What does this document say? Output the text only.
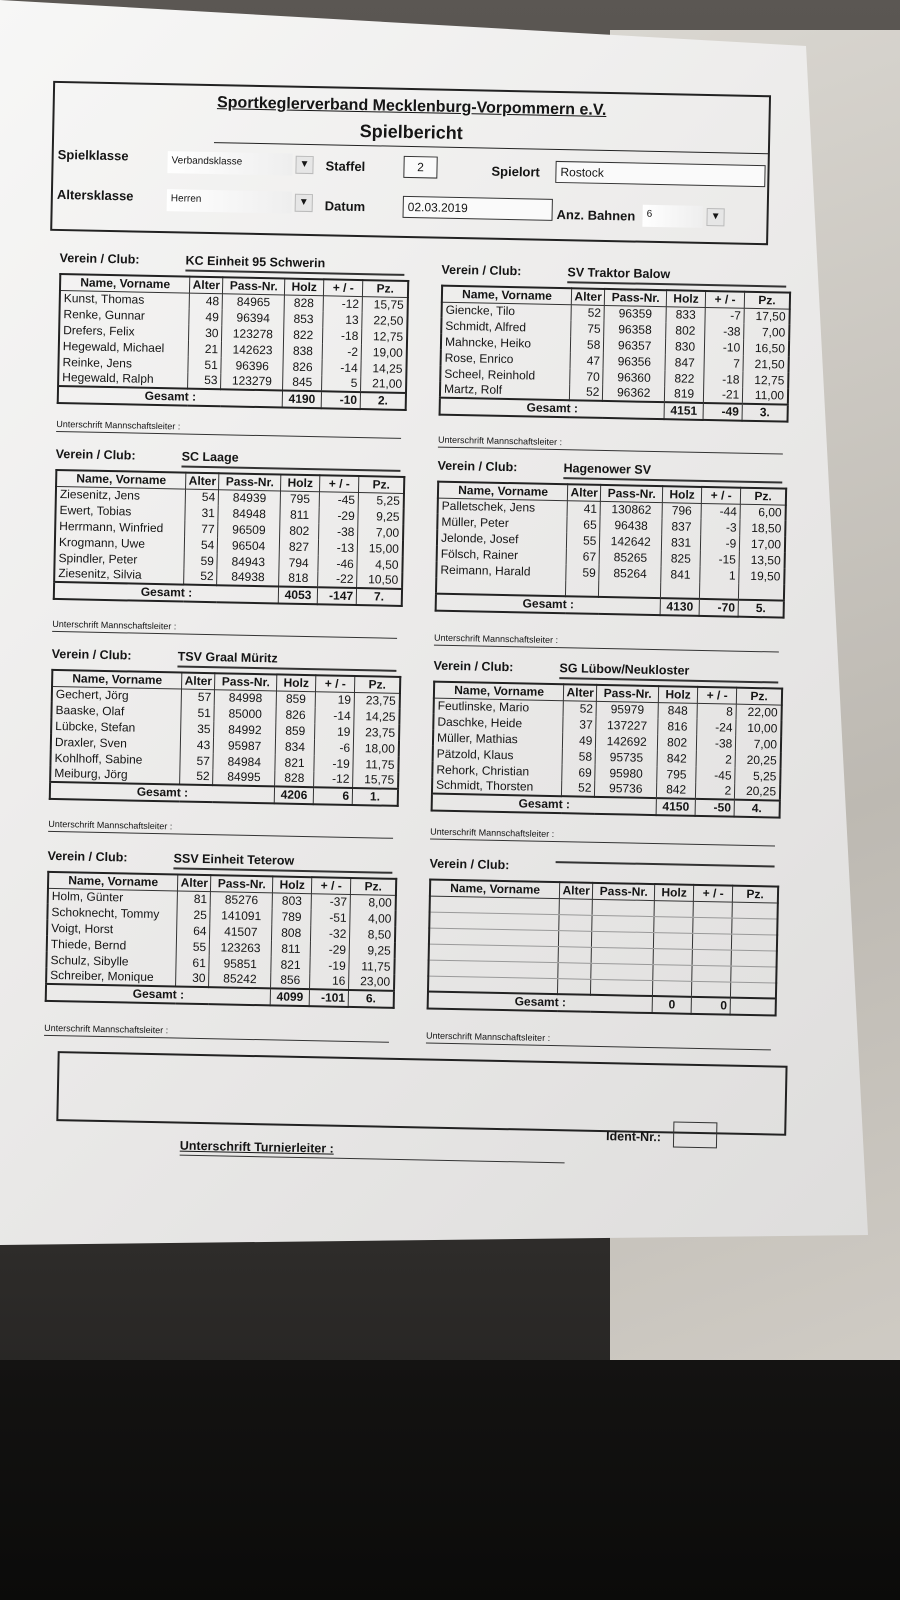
Sportkeglerverband Mecklenburg-Vorpommern e.V.
Spielbericht
Spielklasse	Verbandsklasse	▼	Staffel	2	Spielort	Rostock
Altersklasse	Herren	▼	Datum	02.03.2019	Anz. Bahnen	6	▼
Verein / Club:	KC Einheit 95 Schwerin
Name, Vorname	Alter	Pass-Nr.	Holz	+ / -	Pz.
Kunst, Thomas	48	84965	828	-12	15,75
Renke, Gunnar	49	96394	853	13	22,50
Drefers, Felix	30	123278	822	-18	12,75
Hegewald, Michael	21	142623	838	-2	19,00
Reinke, Jens	51	96396	826	-14	14,25
Hegewald, Ralph	53	123279	845	5	21,00
Gesamt :			4190	-10	2.
Verein / Club:	SV Traktor Balow
Name, Vorname	Alter	Pass-Nr.	Holz	+ / -	Pz.
Giencke, Tilo	52	96359	833	-7	17,50
Schmidt, Alfred	75	96358	802	-38	7,00
Mahncke, Heiko	58	96357	830	-10	16,50
Rose, Enrico	47	96356	847	7	21,50
Scheel, Reinhold	70	96360	822	-18	12,75
Martz, Rolf	52	96362	819	-21	11,00
Gesamt :			4151	-49	3.
Unterschrift Mannschaftsleiter :
Unterschrift Mannschaftsleiter :
Verein / Club:	SC Laage
Name, Vorname	Alter	Pass-Nr.	Holz	+ / -	Pz.
Ziesenitz, Jens	54	84939	795	-45	5,25
Ewert, Tobias	31	84948	811	-29	9,25
Herrmann, Winfried	77	96509	802	-38	7,00
Krogmann, Uwe	54	96504	827	-13	15,00
Spindler, Peter	59	84943	794	-46	4,50
Ziesenitz, Silvia	52	84938	818	-22	10,50
Gesamt :			4053	-147	7.
Verein / Club:	Hagenower SV
Name, Vorname	Alter	Pass-Nr.	Holz	+ / -	Pz.
Palletschek, Jens	41	130862	796	-44	6,00
Müller, Peter	65	96438	837	-3	18,50
Jelonde, Josef	55	142642	831	-9	17,00
Fölsch, Rainer	67	85265	825	-15	13,50
Reimann, Harald	59	85264	841	1	19,50

Gesamt :			4130	-70	5.
Unterschrift Mannschaftsleiter :
Unterschrift Mannschaftsleiter :
Verein / Club:	TSV Graal Müritz
Name, Vorname	Alter	Pass-Nr.	Holz	+ / -	Pz.
Gechert, Jörg	57	84998	859	19	23,75
Baaske, Olaf	51	85000	826	-14	14,25
Lübcke, Stefan	35	84992	859	19	23,75
Draxler, Sven	43	95987	834	-6	18,00
Kohlhoff, Sabine	57	84984	821	-19	11,75
Meiburg, Jörg	52	84995	828	-12	15,75
Gesamt :			4206	6	1.
Verein / Club:	SG Lübow/Neukloster
Name, Vorname	Alter	Pass-Nr.	Holz	+ / -	Pz.
Feutlinske, Mario	52	95979	848	8	22,00
Daschke, Heide	37	137227	816	-24	10,00
Müller, Mathias	49	142692	802	-38	7,00
Pätzold, Klaus	58	95735	842	2	20,25
Rehork, Christian	69	95980	795	-45	5,25
Schmidt, Thorsten	52	95736	842	2	20,25
Gesamt :			4150	-50	4.
Unterschrift Mannschaftsleiter :
Unterschrift Mannschaftsleiter :
Verein / Club:	SSV Einheit Teterow
Name, Vorname	Alter	Pass-Nr.	Holz	+ / -	Pz.
Holm, Günter	81	85276	803	-37	8,00
Schoknecht, Tommy	25	141091	789	-51	4,00
Voigt, Horst	64	41507	808	-32	8,50
Thiede, Bernd	55	123263	811	-29	9,25
Schulz, Sibylle	61	95851	821	-19	11,75
Schreiber, Monique	30	85242	856	16	23,00
Gesamt :			4099	-101	6.
Verein / Club:
Name, Vorname	Alter	Pass-Nr.	Holz	+ / -	Pz.

Gesamt :			0	0	
Unterschrift Mannschaftsleiter :
Unterschrift Mannschaftsleiter :
Unterschrift Turnierleiter :
Ident-Nr.:
